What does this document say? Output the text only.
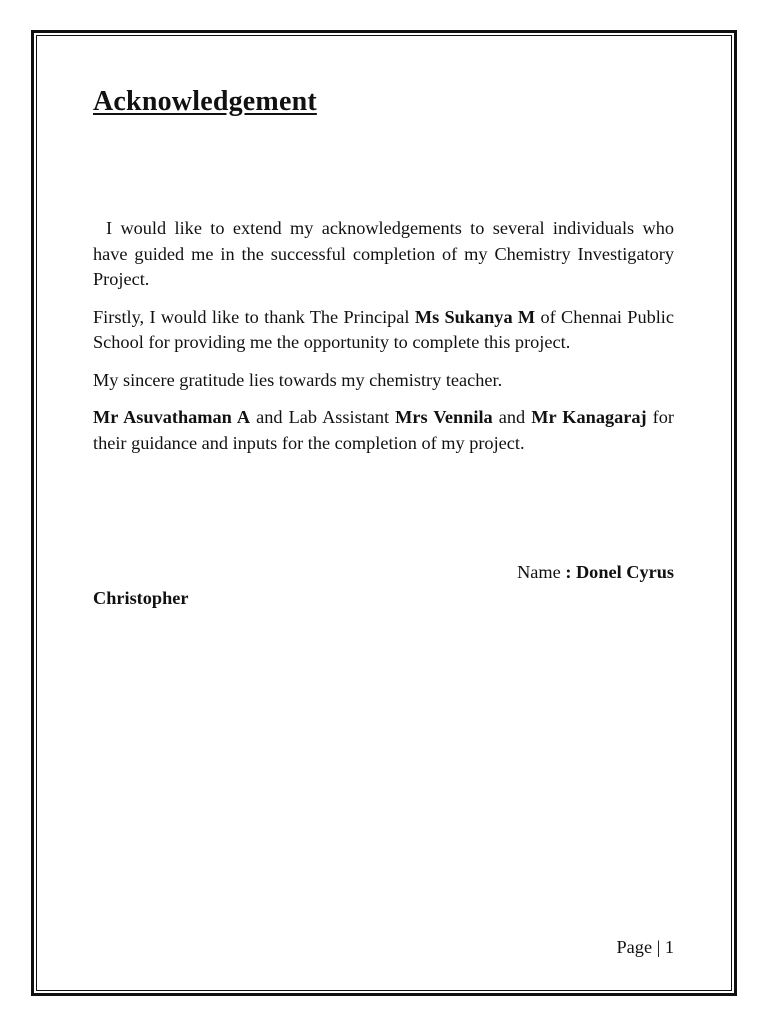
Acknowledgement

I would like to extend my acknowledgements to several individuals who have guided me in the successful completion of my Chemistry Investigatory Project.

Firstly, I would like to thank The Principal Ms Sukanya M of Chennai Public School for providing me the opportunity to complete this project.

My sincere gratitude lies towards my chemistry teacher.

Mr Asuvathaman A and Lab Assistant Mrs Vennila and Mr Kanagaraj for their guidance and inputs for the completion of my project.

Name : Donel Cyrus
Christopher
Page | 1
